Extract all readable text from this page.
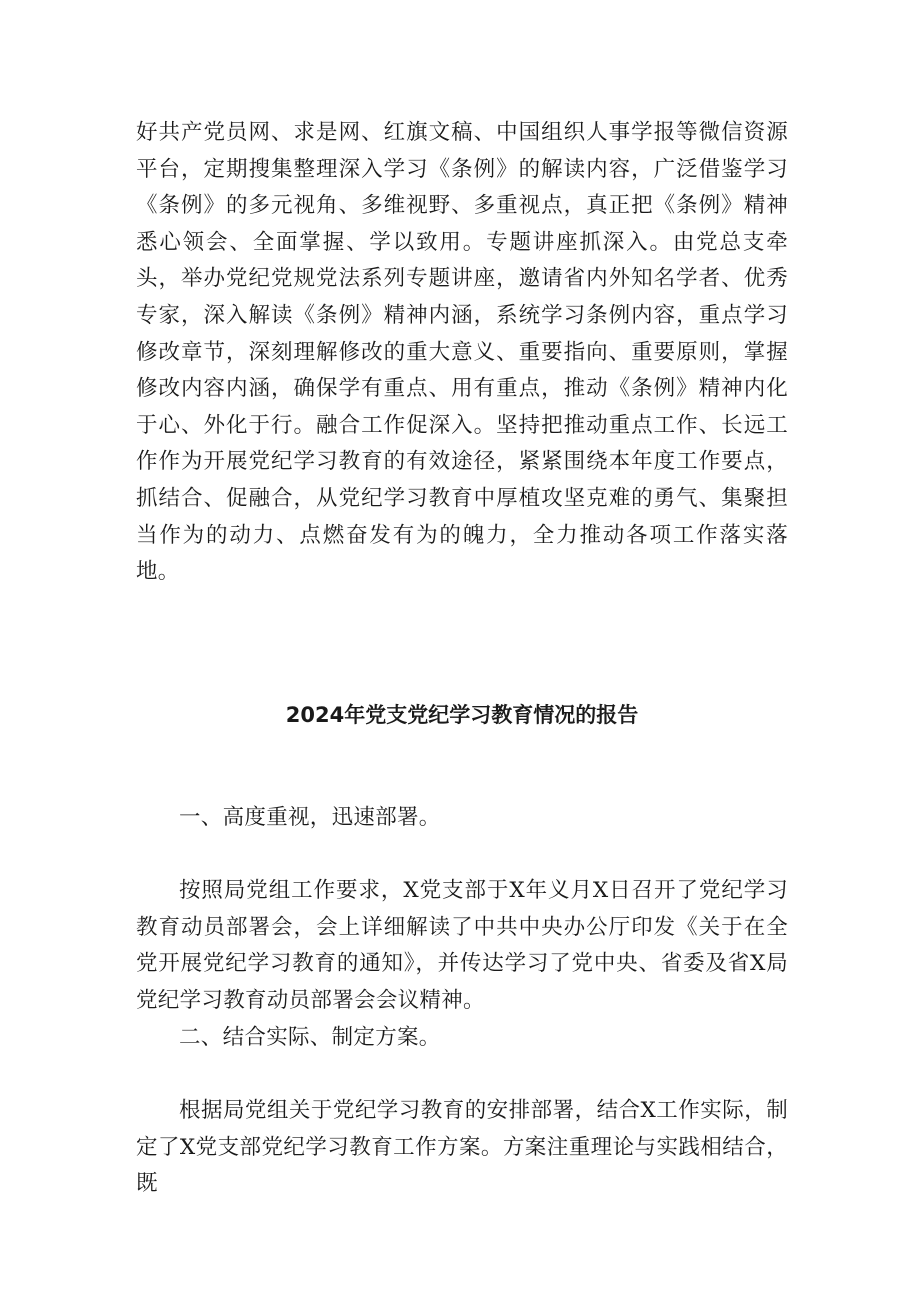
好共产党员网、求是网、红旗文稿、中国组织人事学报等微信资源平台，定期搜集整理深入学习《条例》的解读内容，广泛借鉴学习《条例》的多元视角、多维视野、多重视点，真正把《条例》精神悉心领会、全面掌握、学以致用。专题讲座抓深入。由党总支牵头，举办党纪党规党法系列专题讲座，邀请省内外知名学者、优秀专家，深入解读《条例》精神内涵，系统学习条例内容，重点学习修改章节，深刻理解修改的重大意义、重要指向、重要原则，掌握修改内容内涵，确保学有重点、用有重点，推动《条例》精神内化于心、外化于行。融合工作促深入。坚持把推动重点工作、长远工作作为开展党纪学习教育的有效途径，紧紧围绕本年度工作要点，抓结合、促融合，从党纪学习教育中厚植攻坚克难的勇气、集聚担当作为的动力、点燃奋发有为的魄力，全力推动各项工作落实落地。

2024年党支党纪学习教育情况的报告

一、高度重视，迅速部署。

按照局党组工作要求，X党支部于X年义月X日召开了党纪学习教育动员部署会，会上详细解读了中共中央办公厅印发《关于在全党开展党纪学习教育的通知》，并传达学习了党中央、省委及省X局党纪学习教育动员部署会会议精神。

二、结合实际、制定方案。

根据局党组关于党纪学习教育的安排部署，结合X工作实际，制定了X党支部党纪学习教育工作方案。方案注重理论与实践相结合，既
